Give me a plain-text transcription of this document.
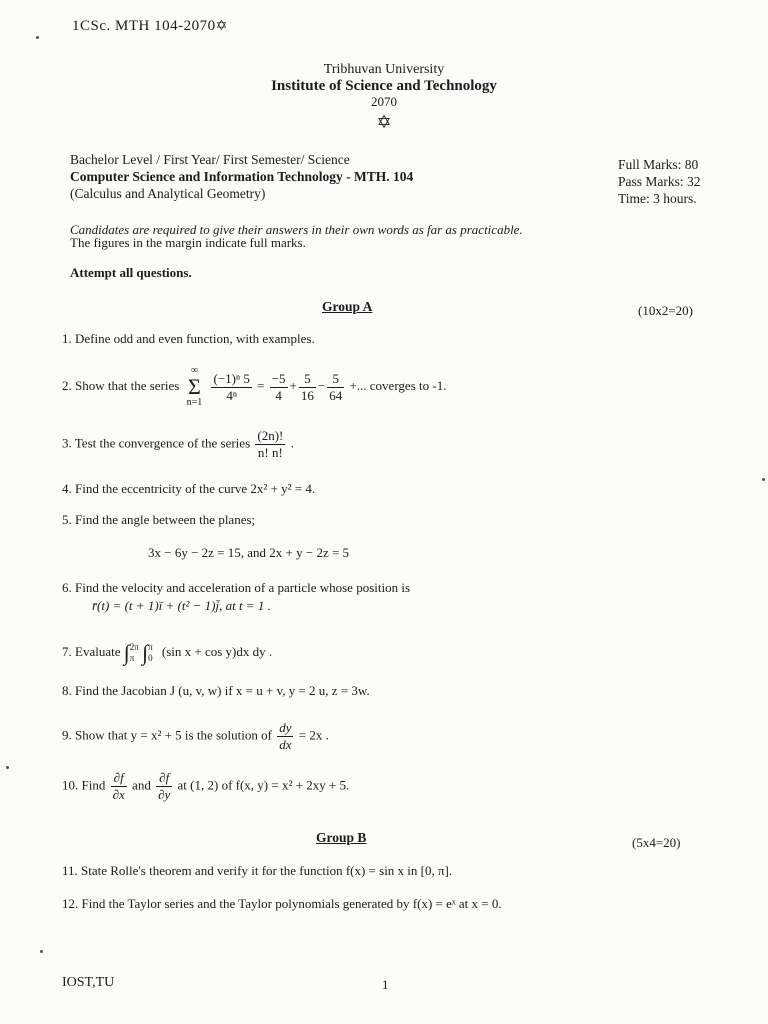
1CSc. MTH 104-2070✡
Tribhuvan University
Institute of Science and Technology
2070
✡
Bachelor Level / First Year/ First Semester/ Science
Computer Science and Information Technology - MTH. 104
(Calculus and Analytical Geometry)
Full Marks: 80
Pass Marks: 32
Time: 3 hours.
Candidates are required to give their answers in their own words as far as practicable.
The figures in the margin indicate full marks.
Attempt all questions.
Group A	(10x2=20)
1. Define odd and even function, with examples.
2. Show that the series ∞
Σ
$n=1 \frac{\text{(−1)ⁿ 5}}{\text{4ⁿ}} = \frac{-5}{4} + \frac{5}{16} - \frac{5}{64}$ +... coverges to -1.
3. Test the convergence of the series $\frac{(2n)!}{n! n!}$ .
4. Find the eccentricity of the curve 2x² + y² = 4.
5. Find the angle between the planes;
3x − 6y − 2z = 15, and 2x + y − 2z = 5
6. Find the velocity and acceleration of a particle whose position is
r̄(t) = (t + 1)ī + (t² − 1)j̄, at t = 1 .
7. Evaluate ∫2π
π ∫π
0 (sin x + cos y)dx dy .
8. Find the Jacobian J (u, v, w) if x = u + v, y = 2 u, z = 3w.
9. Show that y = x² + 5 is the solution of $\frac{dy}{dx} = 2x$ .
10. Find $\frac{\partial f}{\partial x}$ and $\frac{\partial f}{\partial y}$ at (1, 2) of f(x, y) = x² + 2xy + 5.
Group B	(5x4=20)
11. State Rolle's theorem and verify it for the function f(x) = sin x in [0, π].
12. Find the Taylor series and the Taylor polynomials generated by f(x) = eˣ at x = 0.
IOST,TU	1
